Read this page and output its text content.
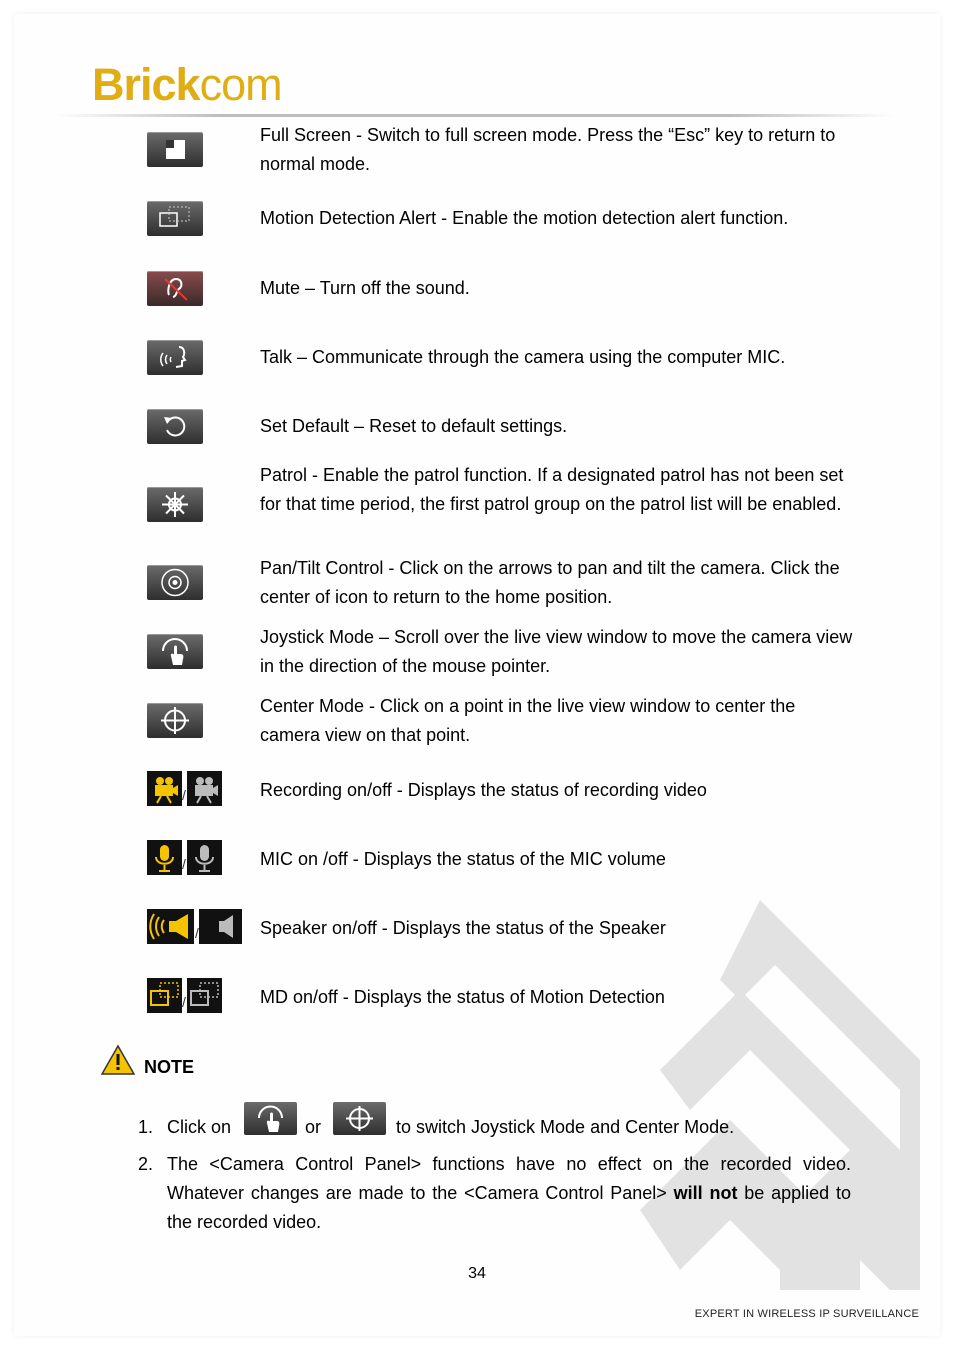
Brickcom
Full Screen - Switch to full screen mode. Press the “Esc” key to return to normal mode.
Motion Detection Alert - Enable the motion detection alert function.
Mute – Turn off the sound.
Talk – Communicate through the camera using the computer MIC.
Set Default – Reset to default settings.
Patrol - Enable the patrol function. If a designated patrol has not been set for that time period, the first patrol group on the patrol list will be enabled.
Pan/Tilt Control - Click on the arrows to pan and tilt the camera. Click the center of icon to return to the home position.
Joystick Mode – Scroll over the live view window to move the camera view in the direction of the mouse pointer.
Center Mode - Click on a point in the live view window to center the camera view on that point.
/	Recording on/off - Displays the status of recording video
/	MIC on /off - Displays the status of the MIC volume
/	Speaker on/off - Displays the status of the Speaker
/	MD on/off - Displays the status of Motion Detection
NOTE
1. Click on	or	to switch Joystick Mode and Center Mode.
2. The <Camera Control Panel> functions have no effect on the recorded video. Whatever changes are made to the <Camera Control Panel> will not be applied to the recorded video.
34
EXPERT IN WIRELESS IP SURVEILLANCE
